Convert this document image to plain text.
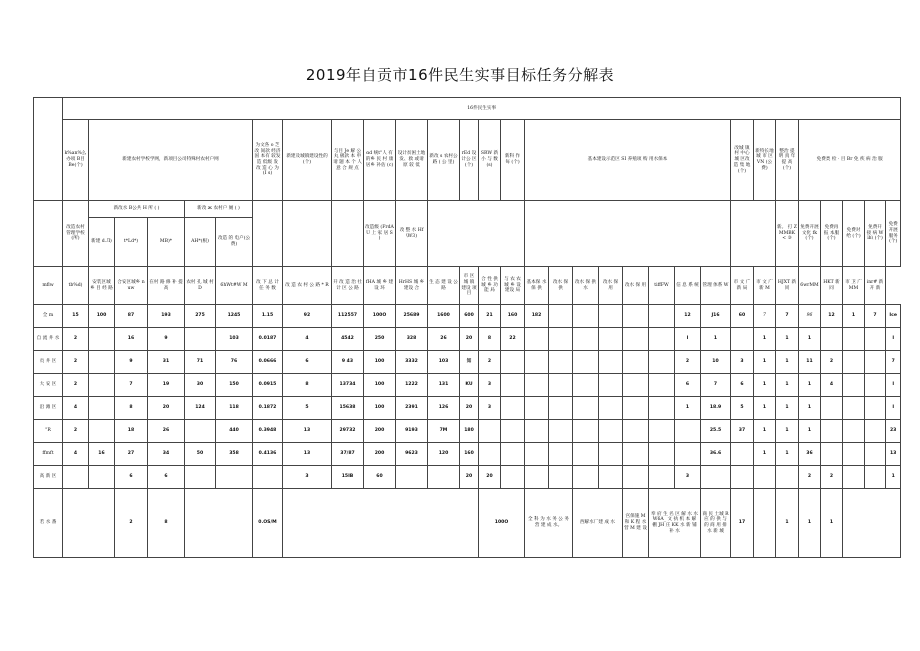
2019年自贡市16件民生实事目标任务分解表
	16件民生实事																															
	k%an%么办项 B目 Be(个)	新建农村学校学网，新项目公司特殊村农村户网					为文各 o 芝改 间款 经济 国 本有 较发 造 低级 发 改 造 心 为 (I s)	新建及城镇建设性的(个)	与目 Je 解 公 丸 极款 本 申 请 题 本 个 人 意 合 规 点	αd 统t"人 有的乡 民 村 康居乡 补估 (c)	设计贫困土地发、救 或请 原 较 低	新改 s 农村公 路 ( 公 里)	rEd 设 计公 区 (个)	SRW 新 小 与 数 (s)	新科 作 每 (个)	基本建设示范区 SI 养殖项 购 用水保本								改城 镇 村 中心 城 区改 造 集 地 (个)	新特长地 城 市 区 VN (公费)	整治 提 明 真 年 提 高 (个)	免费类 检 · 目 Br 免 疾 病 治 服					
	改造农村 管理学校(所)	新改水 B公共 H 所 ( )			新改 ж 农村户 厕 ( )					改造级 (FrdAU 上 家 居 S )	改 整 水 Hf\W3)															新。 打 ZMMBK< ③	免费开展 文化 fk (个)	免费再 报 本服 (个)	免费对 给 (个)	免费开 接 病 Wih\ (个)	免费开展 服务(个)	
		新建 d.Л)	t*Ld*)	MB)*	AH*(根)	改造 的 电户(公费)																										
mflw	tb%d)	安装区城 乡 目 经 路	合安区城乡 nuw	在村 路 修 补 提 高	农村 孔 城 村 D	6hWt#W M	改 下 总 计 任 务 数	改 造 农 村 公 路 * R	开 改 造 治 社 计 区 公 路	fHA 城 乡 建设 环	HrHS 城 乡 建设 合	生 态 建 设 公 路	市 区 城 镇 建设 项 目	合 性 供 城 乡 功 能 局	与 农 农 城 乡 设 建设 局	基本保 水 保 供	改水 保 供	改水 保 供 水	改水 保 用	改水 保 用	tiffFW	信 息 系 统	管理 体系 W	市 文 广 新 局	市 文 广 新 M	HJXT 新 同	6wrMM	HKT 新 同	市 卫 广 MM	inr# 新 开 新		
全 m	15	100	87	193	275	1245	1.15	92	112557	100O	25689	1600	600	21	160	182						12	J16	60	7	7	96	12	1	7	Ice	
自 流 井 水	2		16	9		103	0.0187	4	4542	250	328	26	20	8	22							I	1		1	1	1				I	
贡 井 区	2		9	31	71	76	0.0666	6	9 43	100	3332	103	知	2								2	10	3	1	1	11	2			7	
大 安 区	2		7	19	30	150	0.0915	8	13734	100	1222	131	KU	3								6	7	6	1	1	1	4			I	
沿 滩 区	4		8	20	124	118	0.1872	5	15638	100	2391	126	20	3								1	18.9	5	1	1	1				I	
"R	2		18	26		440	0.3948	13	29732	200	9193	7M	180										25.5	37	1	1	1				23	
ffmft	4	16	27	34	50	358	0.4136	13	37/87	200	9623	120	160										36.6		1	1	36				13	
高 新 区			6	6				3	15IB	60			20	20								3					2	2			1	
若 水 番			2	8			0.OS/M							100O		全 科 为 水 务 公 务 营 建 成 水。		西解水厂建 成 水		宫保施 M和 K 程 水 营 M 建 设	奉 府 生 名 区 解 水 水 W6A_ 文 执 机 本 解 棚 JH 庄 KK 水 新 铺 补 水		商 民 土城 R 应 的 供 与 的 商 用 排 水 新 城	17		1	1	1		
